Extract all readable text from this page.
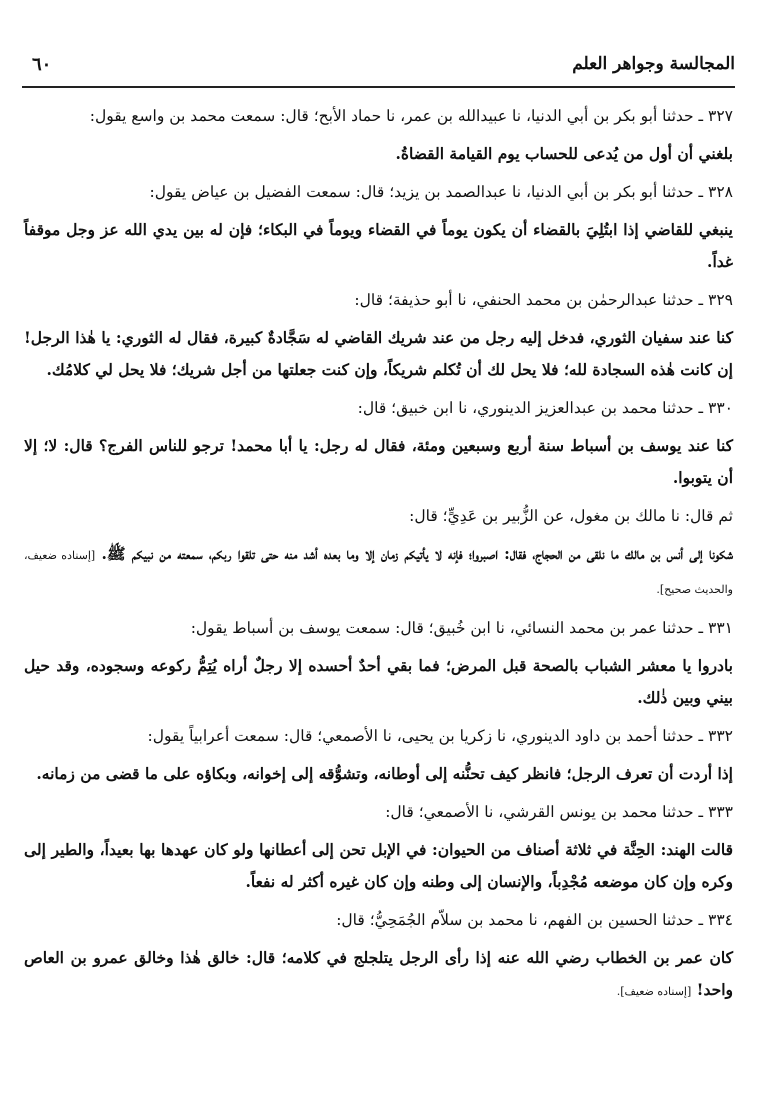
المجالسة وجواهر العلم
٦٠

٣٢٧ ـ حدثنا أبو بكر بن أبي الدنيا، نا عبيدالله بن عمر، نا حماد الأبح؛ قال: سمعت محمد بن واسع يقول:

بلغني أن أول من يُدعى للحساب يوم القيامة القضاةُ.

٣٢٨ ـ حدثنا أبو بكر بن أبي الدنيا، نا عبدالصمد بن يزيد؛ قال: سمعت الفضيل بن عياض يقول:

ينبغي للقاضي إذا ابتُلِيَ بالقضاء أن يكون يوماً في القضاء ويوماً في البكاء؛ فإن له بين يدي الله عز وجل موقفاً غداً.

٣٢٩ ـ حدثنا عبدالرحمٰن بن محمد الحنفي، نا أبو حذيفة؛ قال:

كنا عند سفيان الثوري، فدخل إليه رجل من عند شريك القاضي له سَجَّادةٌ كبيرة، فقال له الثوري: يا هٰذا الرجل! إن كانت هٰذه السجادة لله؛ فلا يحل لك أن تُكلم شريكاً، وإن كنت جعلتها من أجل شريك؛ فلا يحل لي كلامُك.

٣٣٠ ـ حدثنا محمد بن عبدالعزيز الدينوري، نا ابن خبيق؛ قال:

كنا عند يوسف بن أسباط سنة أربع وسبعين ومئة، فقال له رجل: يا أبا محمد! ترجو للناس الفرج؟ قال: لا؛ إلا أن يتوبوا.

ثم قال: نا مالك بن مغول، عن الزُّبير بن عَدِيٍّ؛ قال:

شكونا إلى أنس بن مالك ما نلقى من الحجاج، فقال: اصبروا؛ فإنه لا يأتيكم زمان إلا وما بعده أشد منه حتى تلقوا ربكم، سمعته من نبيكم ﷺ. [إسناده ضعيف، والحديث صحيح].

٣٣١ ـ حدثنا عمر بن محمد النسائي، نا ابن خُبيق؛ قال: سمعت يوسف بن أسباط يقول:

بادروا يا معشر الشباب بالصحة قبل المرض؛ فما بقي أحدٌ أحسده إلا رجلٌ أراه يُتِمُّ ركوعه وسجوده، وقد حيل بيني وبين ذٰلك.

٣٣٢ ـ حدثنا أحمد بن داود الدينوري، نا زكريا بن يحيى، نا الأصمعي؛ قال: سمعت أعرابياً يقول:

إذا أردت أن تعرف الرجل؛ فانظر كيف تحنُّنه إلى أوطانه، وتشوُّقه إلى إخوانه، وبكاؤه على ما قضى من زمانه.

٣٣٣ ـ حدثنا محمد بن يونس القرشي، نا الأصمعي؛ قال:

قالت الهند: الحِنَّة في ثلاثة أصناف من الحيوان: في الإبل تحن إلى أعطانها ولو كان عهدها بها بعيداً، والطير إلى وكره وإن كان موضعه مُجْدِباً، والإنسان إلى وطنه وإن كان غيره أكثر له نفعاً.

٣٣٤ ـ حدثنا الحسين بن الفهم، نا محمد بن سلاّم الجُمَحِيُّ؛ قال:

كان عمر بن الخطاب رضي الله عنه إذا رأى الرجل يتلجلج في كلامه؛ قال: خالق هٰذا وخالق عمرو بن العاص واحد! [إسناده ضعيف].
